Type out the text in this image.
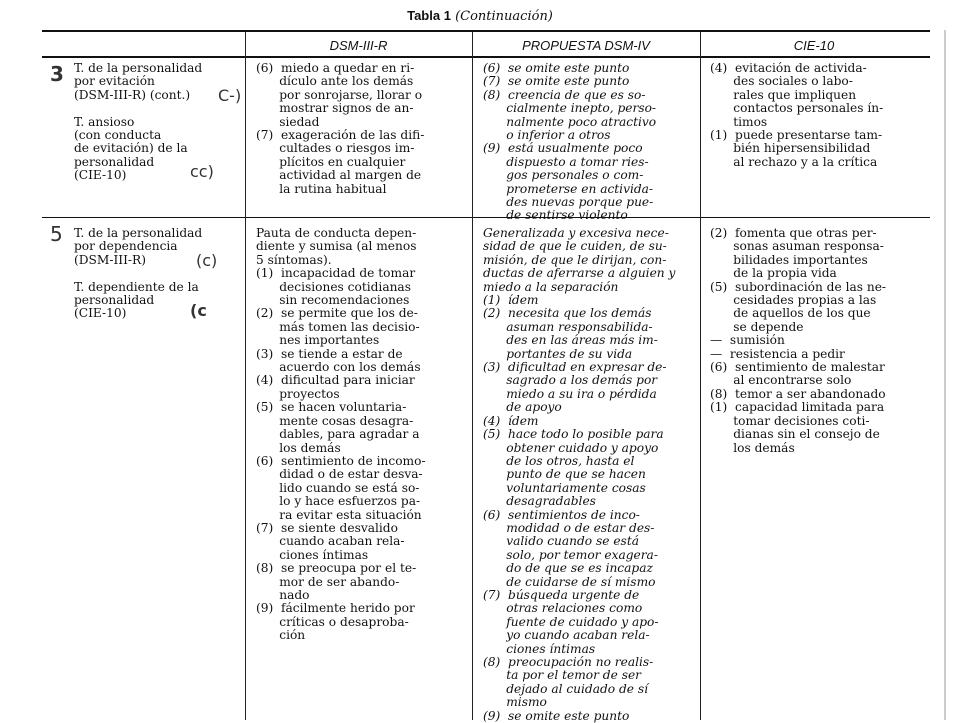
Tabla 1 (Continuación)
DSM-III-R	PROPUESTA DSM-IV	CIE-10
3
C-)
cc)
5
(c)
(c
T. de la personalidad
por evitación
(DSM-III-R) (cont.)

T. ansioso
(con conducta
de evitación) de la
personalidad
(CIE-10)
(6)  miedo a quedar en ri-
dículo ante los demás
por sonrojarse, llorar o
mostrar signos de an-
siedad
(7)  exageración de las difi-
cultades o riesgos im-
plícitos en cualquier
actividad al margen de
la rutina habitual
(6)  se omite este punto
(7)  se omite este punto
(8)  creencia de que es so-
cialmente inepto, perso-
nalmente poco atractivo
o inferior a otros
(9)  está usualmente poco
dispuesto a tomar ries-
gos personales o com-
prometerse en activida-
des nuevas porque pue-
de sentirse violento
(4)  evitación de activida-
des sociales o labo-
rales que impliquen
contactos personales ín-
timos
(1)  puede presentarse tam-
bién hipersensibilidad
al rechazo y a la crítica
T. de la personalidad
por dependencia
(DSM-III-R)

T. dependiente de la
personalidad
(CIE-10)
Pauta de conducta depen-
diente y sumisa (al menos
5 síntomas).
(1)  incapacidad de tomar
decisiones cotidianas
sin recomendaciones
(2)  se permite que los de-
más tomen las decisio-
nes importantes
(3)  se tiende a estar de
acuerdo con los demás
(4)  dificultad para iniciar
proyectos
(5)  se hacen voluntaria-
mente cosas desagra-
dables, para agradar a
los demás
(6)  sentimiento de incomo-
didad o de estar desva-
lido cuando se está so-
lo y hace esfuerzos pa-
ra evitar esta situación
(7)  se siente desvalido
cuando acaban rela-
ciones íntimas
(8)  se preocupa por el te-
mor de ser abando-
nado
(9)  fácilmente herido por
críticas o desaproba-
ción
Generalizada y excesiva nece-
sidad de que le cuiden, de su-
misión, de que le dirijan, con-
ductas de aferrarse a alguien y
miedo a la separación
(1)  ídem
(2)  necesita que los demás
asuman responsabilida-
des en las áreas más im-
portantes de su vida
(3)  dificultad en expresar de-
sagrado a los demás por
miedo a su ira o pérdida
de apoyo
(4)  ídem
(5)  hace todo lo posible para
obtener cuidado y apoyo
de los otros, hasta el
punto de que se hacen
voluntariamente cosas
desagradables
(6)  sentimientos de inco-
modidad o de estar des-
valido cuando se está
solo, por temor exagera-
do de que se es incapaz
de cuidarse de sí mismo
(7)  búsqueda urgente de
otras relaciones como
fuente de cuidado y apo-
yo cuando acaban rela-
ciones íntimas
(8)  preocupación no realis-
ta por el temor de ser
dejado al cuidado de sí
mismo
(9)  se omite este punto
(2)  fomenta que otras per-
sonas asuman responsa-
bilidades importantes
de la propia vida
(5)  subordinación de las ne-
cesidades propias a las
de aquellos de los que
se depende
—  sumisión
—  resistencia a pedir
(6)  sentimiento de malestar
al encontrarse solo
(8)  temor a ser abandonado
(1)  capacidad limitada para
tomar decisiones coti-
dianas sin el consejo de
los demás
